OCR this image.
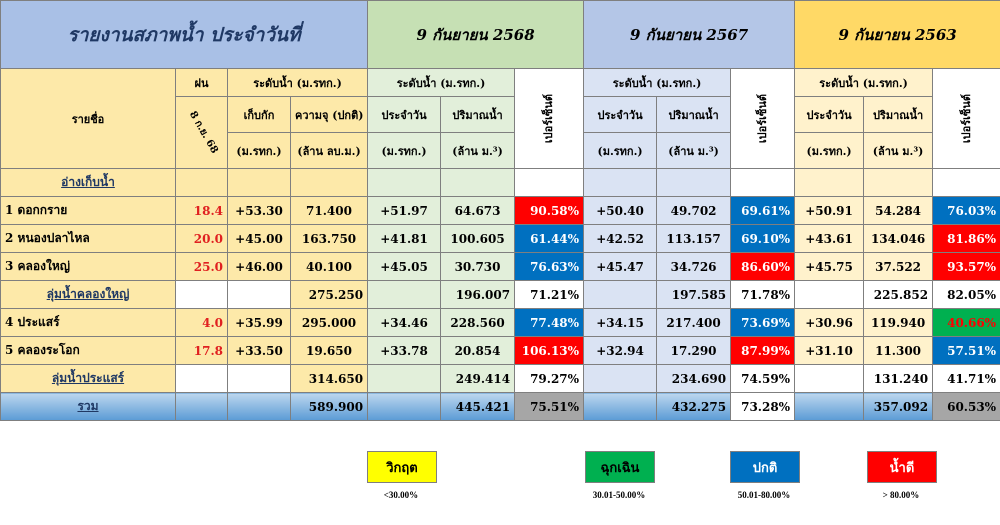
รายงานสภาพน้ำ ประจำวันที่				9 กันยายน 2568			9 กันยายน 2567			9 กันยายน 2563		
รายชื่อ	ฝน	ระดับน้ำ (ม.รทก.)		ระดับน้ำ (ม.รทก.)		เปอร์เซ็นต์	ระดับน้ำ (ม.รทก.)		เปอร์เซ็นต์	ระดับน้ำ (ม.รทก.)		เปอร์เซ็นต์

	8 ก.ย. 68	เก็บกัก	ความจุ (ปกติ)	ประจำวัน	ปริมาณน้ำ		ประจำวัน	ปริมาณน้ำ		ประจำวัน	ปริมาณน้ำ	
		(ม.รทก.)	(ล้าน ลบ.ม.)	(ม.รทก.)	(ล้าน ม.³)		(ม.รทก.)	(ล้าน ม.³)		(ม.รทก.)	(ล้าน ม.³)	
อ่างเก็บน้ำ												
1 ดอกกราย	18.4	+53.30	71.400	+51.97	64.673	90.58%	+50.40	49.702	69.61%	+50.91	54.284	76.03%
2 หนองปลาไหล	20.0	+45.00	163.750	+41.81	100.605	61.44%	+42.52	113.157	69.10%	+43.61	134.046	81.86%
3 คลองใหญ่	25.0	+46.00	40.100	+45.05	30.730	76.63%	+45.47	34.726	86.60%	+45.75	37.522	93.57%
ลุ่มน้ำคลองใหญ่			275.250		196.007	71.21%		197.585	71.78%		225.852	82.05%
4 ประแสร์	4.0	+35.99	295.000	+34.46	228.560	77.48%	+34.15	217.400	73.69%	+30.96	119.940	40.66%
5 คลองระโอก	17.8	+33.50	19.650	+33.78	20.854	106.13%	+32.94	17.290	87.99%	+31.10	11.300	57.51%
ลุ่มน้ำประแสร์			314.650		249.414	79.27%		234.690	74.59%		131.240	41.71%
รวม			589.900		445.421	75.51%		432.275	73.28%		357.092	60.53%
วิกฤต
<30.00%
ฉุกเฉิน
30.01-50.00%
ปกติ
50.01-80.00%
น้ำดี
> 80.00%
